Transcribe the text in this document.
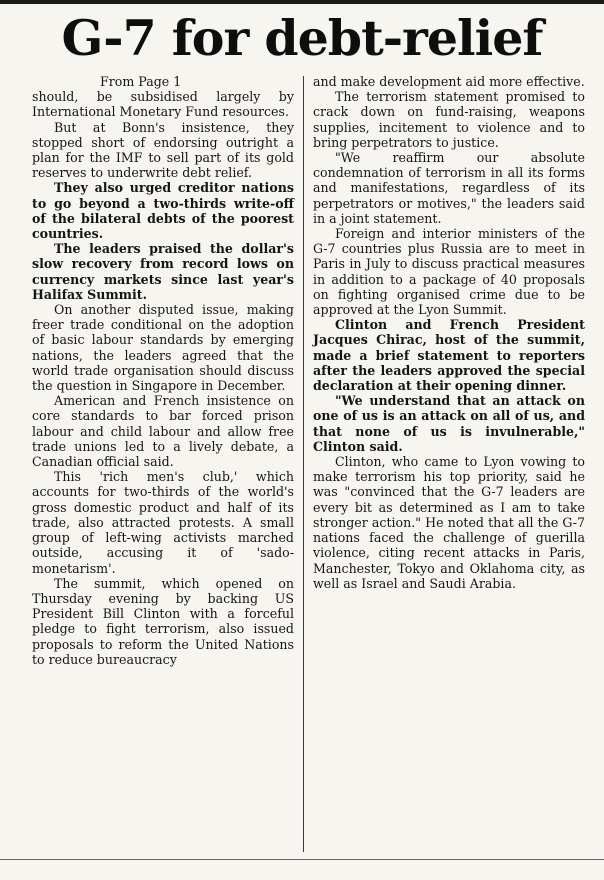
G-7 for debt-relief

From Page 1

should, be subsidised largely by International Monetary Fund resources.

But at Bonn's insistence, they stopped short of endorsing outright a plan for the IMF to sell part of its gold reserves to underwrite debt relief.

They also urged creditor nations to go beyond a two-thirds write-off of the bilateral debts of the poorest countries.

The leaders praised the dollar's slow recovery from record lows on currency markets since last year's Halifax Summit.

On another disputed issue, making freer trade conditional on the adoption of basic labour standards by emerging nations, the leaders agreed that the world trade organisation should discuss the question in Singapore in December.

American and French insistence on core standards to bar forced prison labour and child labour and allow free trade unions led to a lively debate, a Canadian official said.

This 'rich men's club,' which accounts for two-thirds of the world's gross domestic product and half of its trade, also attracted protests. A small group of left-wing activists marched outside, accusing it of 'sado-monetarism'.

The summit, which opened on Thursday evening by backing US President Bill Clinton with a forceful pledge to fight terrorism, also issued proposals to reform the United Nations to reduce bureaucracy

and make development aid more effective.

The terrorism statement promised to crack down on fund-raising, weapons supplies, incitement to violence and to bring perpetrators to justice.

"We reaffirm our absolute condemnation of terrorism in all its forms and manifestations, regardless of its perpetrators or motives," the leaders said in a joint statement.

Foreign and interior ministers of the G-7 countries plus Russia are to meet in Paris in July to discuss practical measures in addition to a package of 40 proposals on fighting organised crime due to be approved at the Lyon Summit.

Clinton and French President Jacques Chirac, host of the summit, made a brief statement to reporters after the leaders approved the special declaration at their opening dinner.

"We understand that an attack on one of us is an attack on all of us, and that none of us is invulnerable," Clinton said.

Clinton, who came to Lyon vowing to make terrorism his top priority, said he was "convinced that the G-7 leaders are every bit as determined as I am to take stronger action." He noted that all the G-7 nations faced the challenge of guerilla violence, citing recent attacks in Paris, Manchester, Tokyo and Oklahoma city, as well as Israel and Saudi Arabia.
